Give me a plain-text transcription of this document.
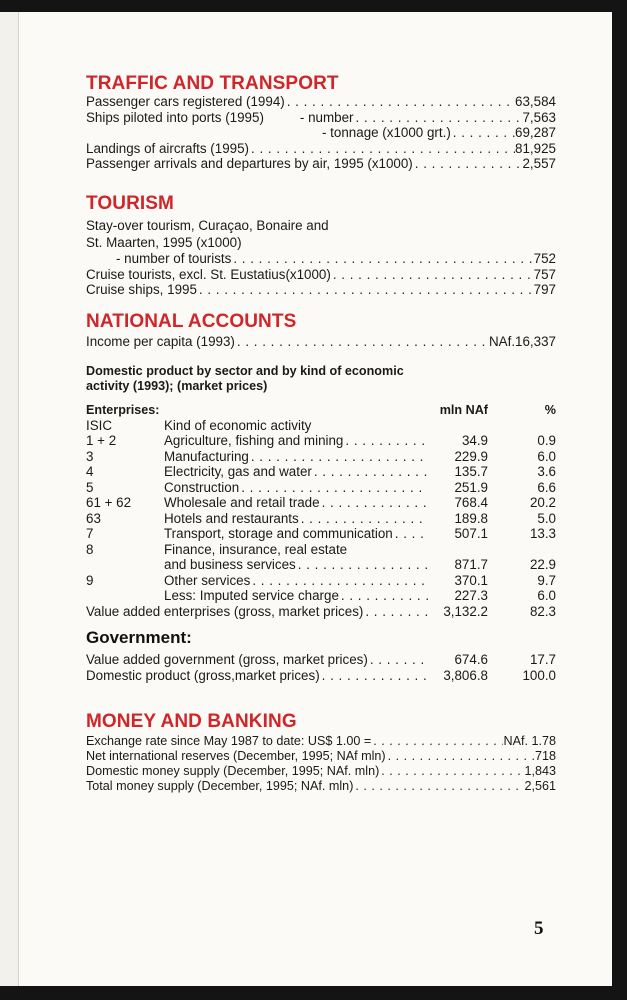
TRAFFIC AND TRANSPORT
Passenger cars registered (1994) . . .	63,584
Ships piloted into ports (1995)	- number . . .	7,563
- tonnage (x1000 grt.) . . .	69,287
Landings of aircrafts (1995) . . .	81,925
Passenger arrivals and departures by air, 1995 (x1000) . . .	2,557
TOURISM
Stay-over tourism, Curaçao, Bonaire and
St. Maarten, 1995 (x1000)
- number of tourists . . .	752
Cruise tourists, excl. St. Eustatius(x1000) . . .	757
Cruise ships, 1995 . . .	797
NATIONAL ACCOUNTS
Income per capita (1993) . . .	NAf.16,337
Domestic product by sector and by kind of economic
activity (1993); (market prices)
Enterprises:	mln NAf	%
ISIC	Kind of economic activity
1 + 2	Agriculture, fishing and mining . . .	34.9	0.9
3	Manufacturing . . .	229.9	6.0
4	Electricity, gas and water . . .	135.7	3.6
5	Construction . . .	251.9	6.6
61 + 62	Wholesale and retail trade . . .	768.4	20.2
63	Hotels and restaurants . . .	189.8	5.0
7	Transport, storage and communication . . .	507.1	13.3
8	Finance, insurance, real estate
and business services . . .	871.7	22.9
9	Other services . . .	370.1	9.7
Less: Imputed service charge . . .	227.3	6.0
Value added enterprises (gross, market prices) . . .	3,132.2	82.3
Government:
Value added government (gross, market prices) . . .	674.6	17.7
Domestic product (gross,market prices) . . .	3,806.8	100.0
MONEY AND BANKING
Exchange rate since May 1987 to date: US$ 1.00 = . . .	NAf. 1.78
Net international reserves (December, 1995; NAf mln) . . .	718
Domestic money supply (December, 1995; NAf. mln) . . .	1,843
Total money supply (December, 1995; NAf. mln) . . .	2,561
5
